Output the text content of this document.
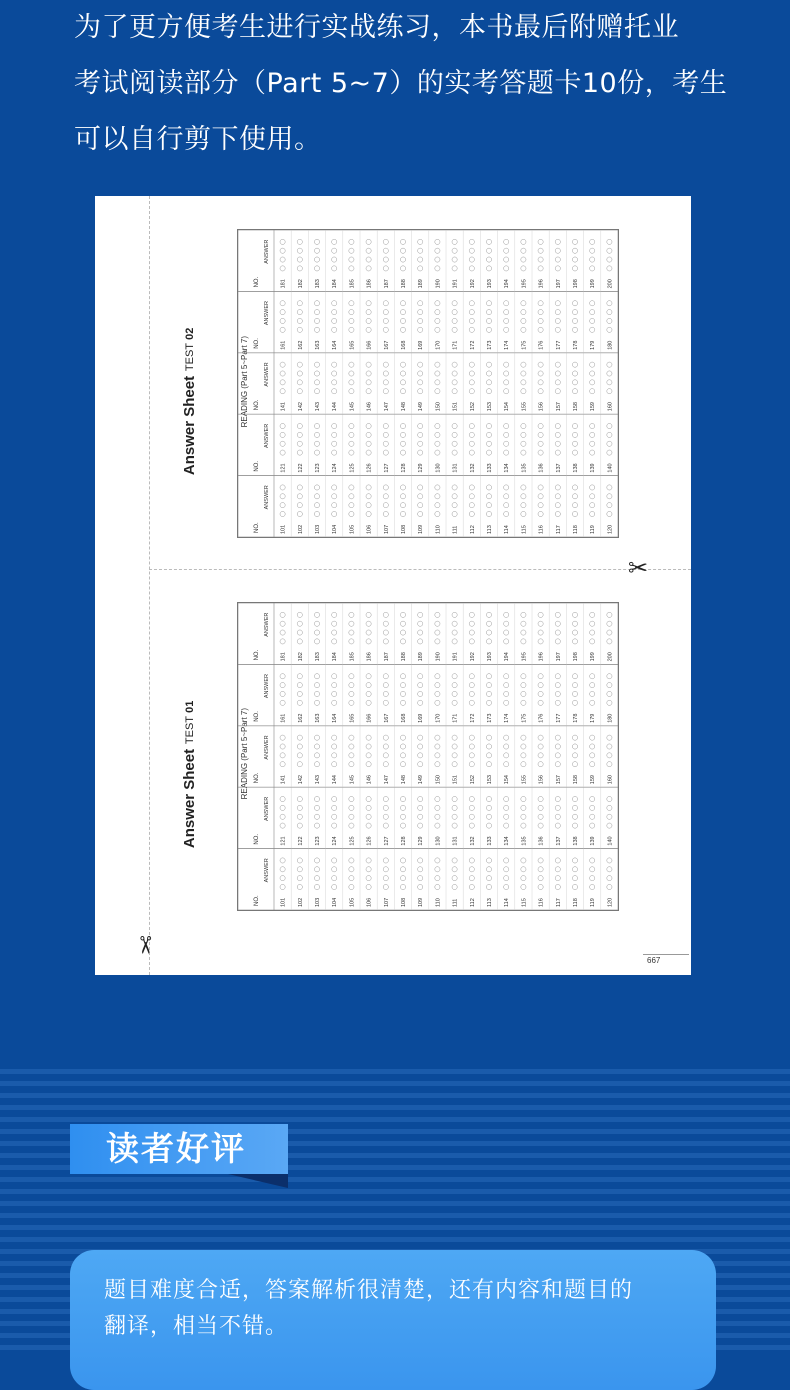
为了更方便考生进行实战练习，本书最后附赠托业

考试阅读部分（Part 5~7）的实考答题卡10份，考生

可以自行剪下使用。

✂
✂
Answer Sheet TEST 01
READING (Part 5~Part 7)
NO.
ANSWER
101 102 103 104 105 106 107 108 109 110 111 112 113 114 115 116 117 118 119 120
NO.
ANSWER
121 122 123 124 125 126 127 128 129 130 131 132 133 134 135 136 137 138 139 140
NO.
ANSWER
141 142 143 144 145 146 147 148 149 150 151 152 153 154 155 156 157 158 159 160
NO.
ANSWER
161 162 163 164 165 166 167 168 169 170 171 172 173 174 175 176 177 178 179 180
NO.
ANSWER
181 182 183 184 185 186 187 188 189 190 191 192 193 194 195 196 197 198 199 200
Answer Sheet TEST 02
READING (Part 5~Part 7)
NO.
ANSWER
101 102 103 104 105 106 107 108 109 110 111 112 113 114 115 116 117 118 119 120
NO.
ANSWER
121 122 123 124 125 126 127 128 129 130 131 132 133 134 135 136 137 138 139 140
NO.
ANSWER
141 142 143 144 145 146 147 148 149 150 151 152 153 154 155 156 157 158 159 160
NO.
ANSWER
161 162 163 164 165 166 167 168 169 170 171 172 173 174 175 176 177 178 179 180
NO.
ANSWER
181 182 183 184 185 186 187 188 189 190 191 192 193 194 195 196 197 198 199 200
667
读者好评
题目难度合适，答案解析很清楚，还有内容和题目的
翻译，相当不错。
